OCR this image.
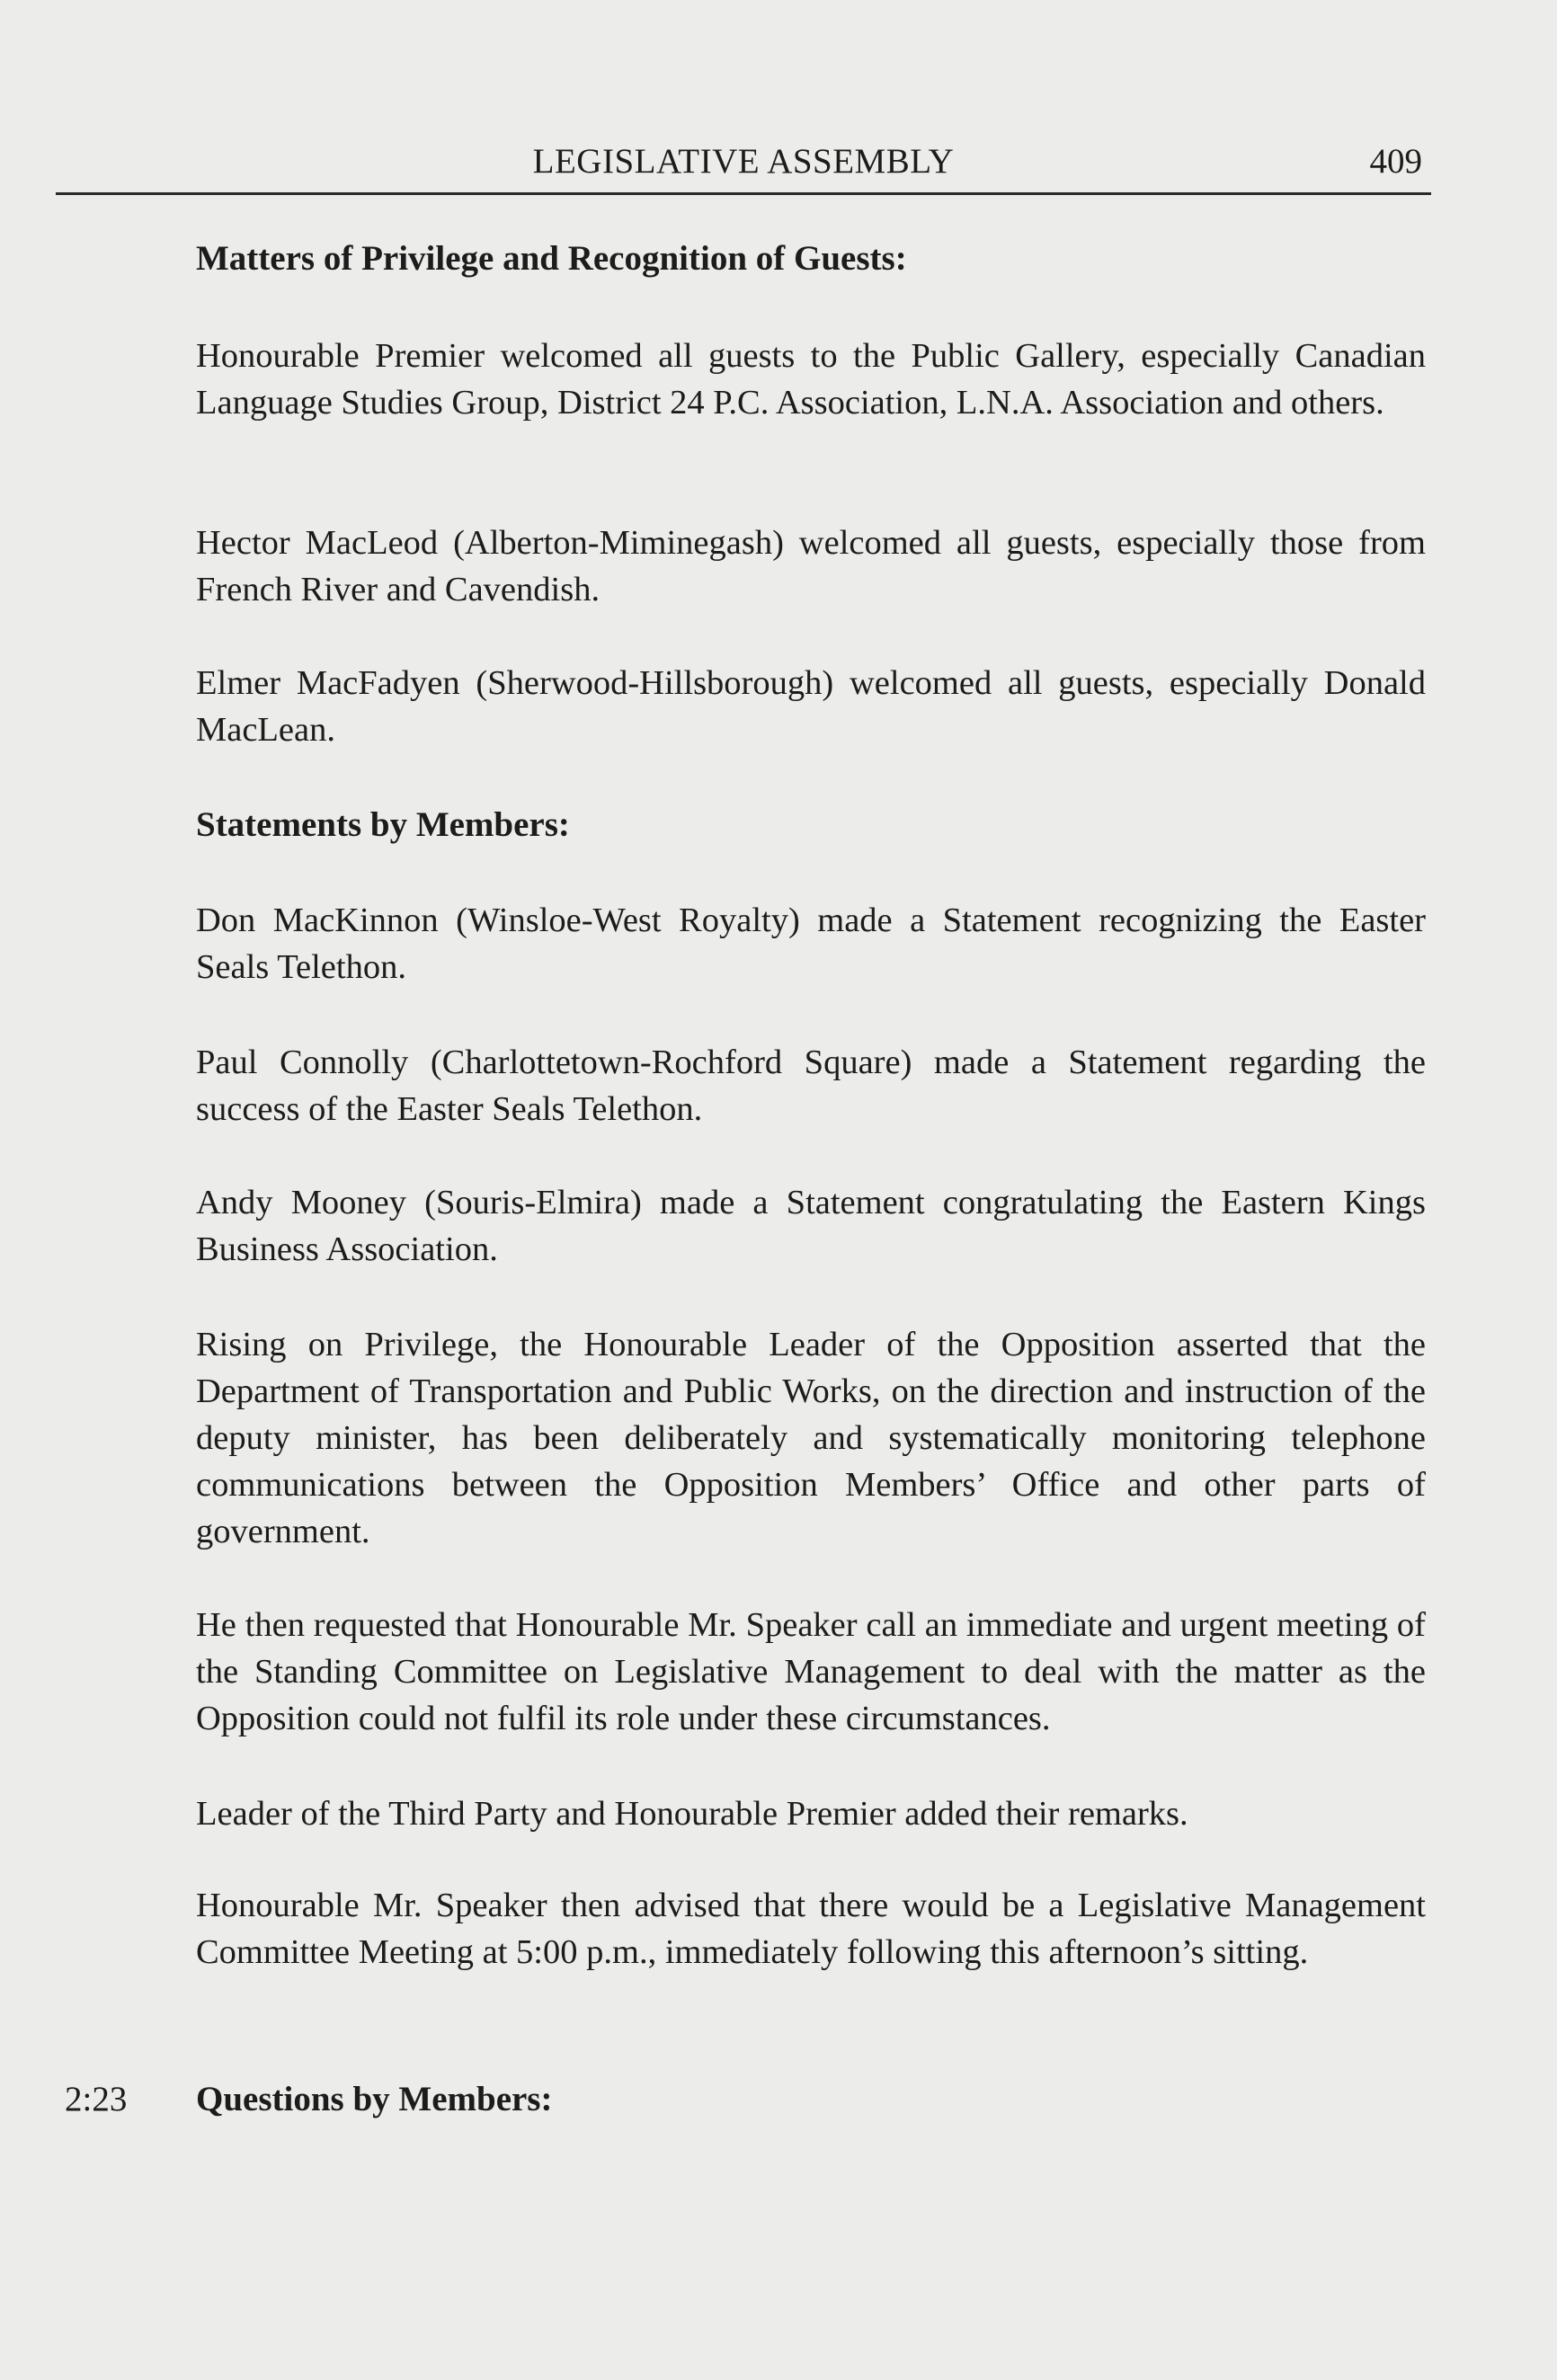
LEGISLATIVE ASSEMBLY	409
Matters of Privilege and Recognition of Guests:
Honourable Premier welcomed all guests to the Public Gallery, especially Canadian Language Studies Group, District 24 P.C. Association, L.N.A. Association and others.
Hector MacLeod (Alberton-Miminegash) welcomed all guests, especially those from French River and Cavendish.
Elmer MacFadyen (Sherwood-Hillsborough) welcomed all guests, especially Donald MacLean.
Statements by Members:
Don MacKinnon (Winsloe-West Royalty) made a Statement recognizing the Easter Seals Telethon.
Paul Connolly (Charlottetown-Rochford Square) made a Statement regarding the success of the Easter Seals Telethon.
Andy Mooney (Souris-Elmira) made a Statement congratulating the Eastern Kings Business Association.
Rising on Privilege, the Honourable Leader of the Opposition asserted that the Department of Transportation and Public Works, on the direction and instruction of the deputy minister, has been deliberately and systematically monitoring telephone communications between the Opposition Members’ Office and other parts of government.
He then requested that Honourable Mr. Speaker call an immediate and urgent meeting of the Standing Committee on Legislative Management to deal with the matter as the Opposition could not fulfil its role under these circumstances.
Leader of the Third Party and Honourable Premier added their remarks.
Honourable Mr. Speaker then advised that there would be a Legislative Management Committee Meeting at 5:00 p.m., immediately following this afternoon’s sitting.
2:23 Questions by Members:
